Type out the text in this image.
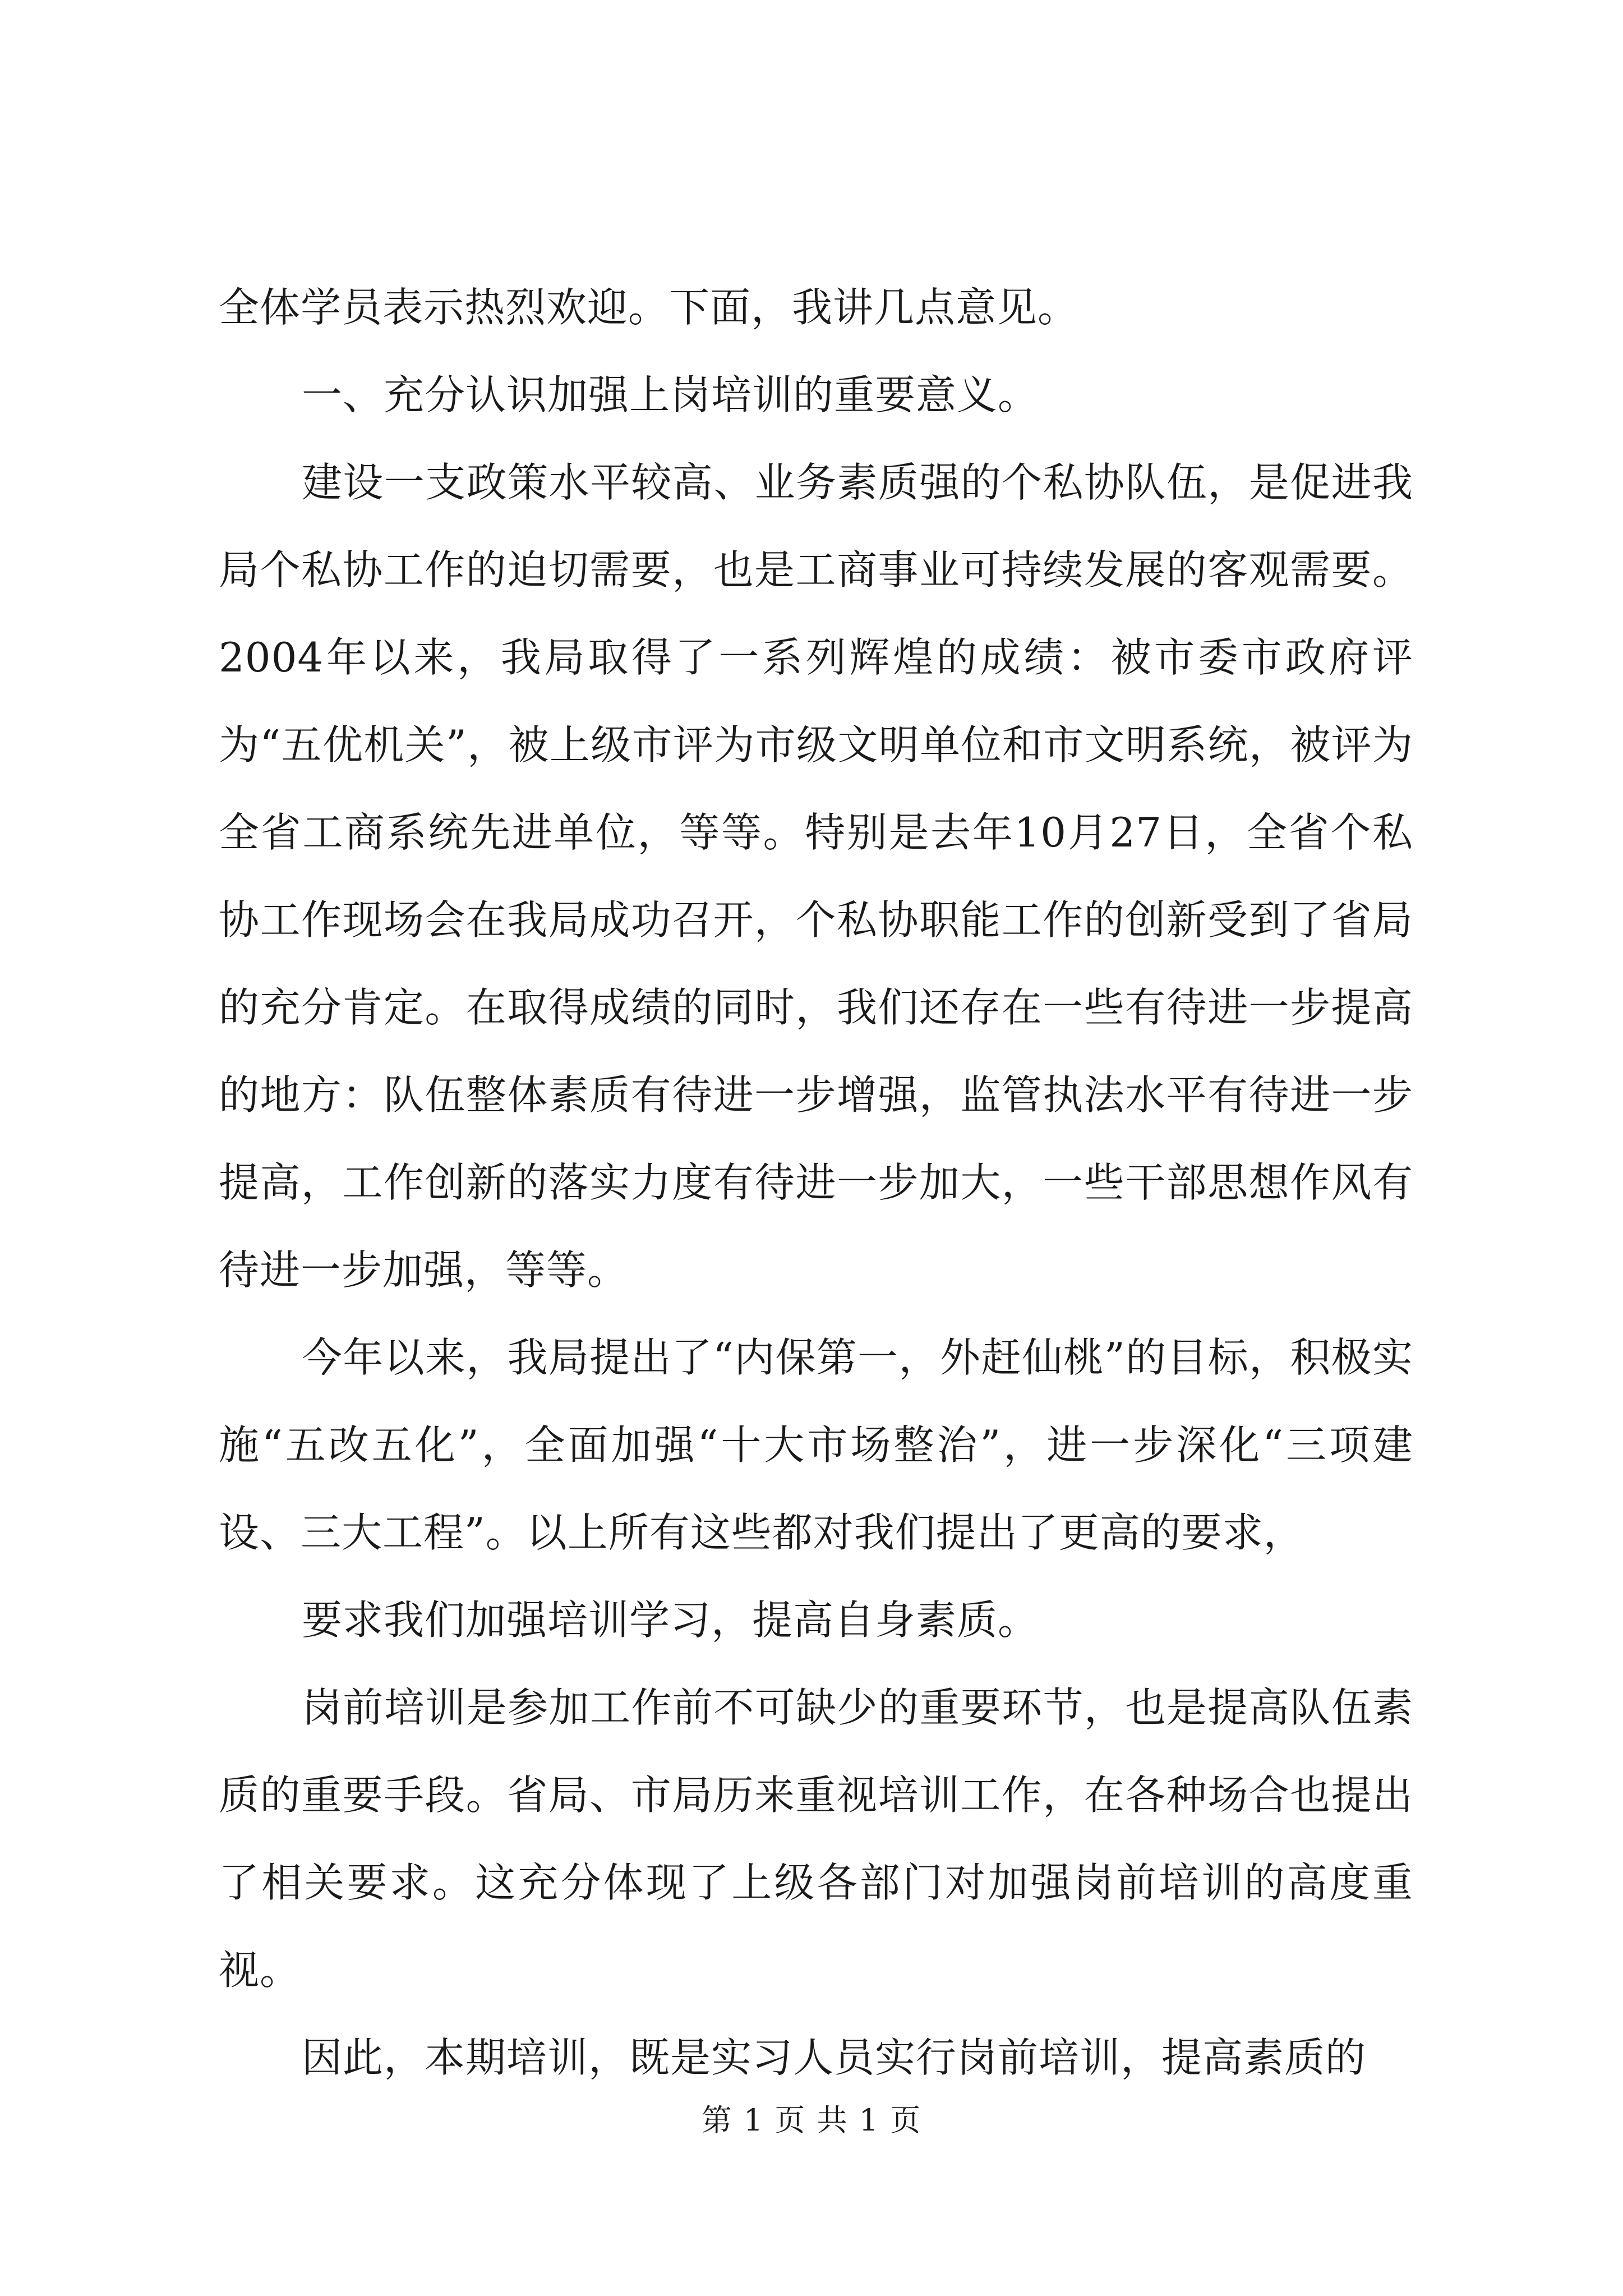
全体学员表示热烈欢迎。下面，我讲几点意见。

一、充分认识加强上岗培训的重要意义。

建设一支政策水平较高、业务素质强的个私协队伍，是促进我局个私协工作的迫切需要，也是工商事业可持续发展的客观需要。2004年以来，我局取得了一系列辉煌的成绩：被市委市政府评为“五优机关”，被上级市评为市级文明单位和市文明系统，被评为全省工商系统先进单位，等等。特别是去年10月27日，全省个私协工作现场会在我局成功召开，个私协职能工作的创新受到了省局的充分肯定。在取得成绩的同时，我们还存在一些有待进一步提高的地方：队伍整体素质有待进一步增强，监管执法水平有待进一步提高，工作创新的落实力度有待进一步加大，一些干部思想作风有待进一步加强，等等。

今年以来，我局提出了“内保第一，外赶仙桃”的目标，积极实施“五改五化”，全面加强“十大市场整治”，进一步深化“三项建设、三大工程”。以上所有这些都对我们提出了更高的要求，

要求我们加强培训学习，提高自身素质。

岗前培训是参加工作前不可缺少的重要环节，也是提高队伍素质的重要手段。省局、市局历来重视培训工作，在各种场合也提出了相关要求。这充分体现了上级各部门对加强岗前培训的高度重视。

因此，本期培训，既是实习人员实行岗前培训，提高素质的

第 1 页 共 1 页
